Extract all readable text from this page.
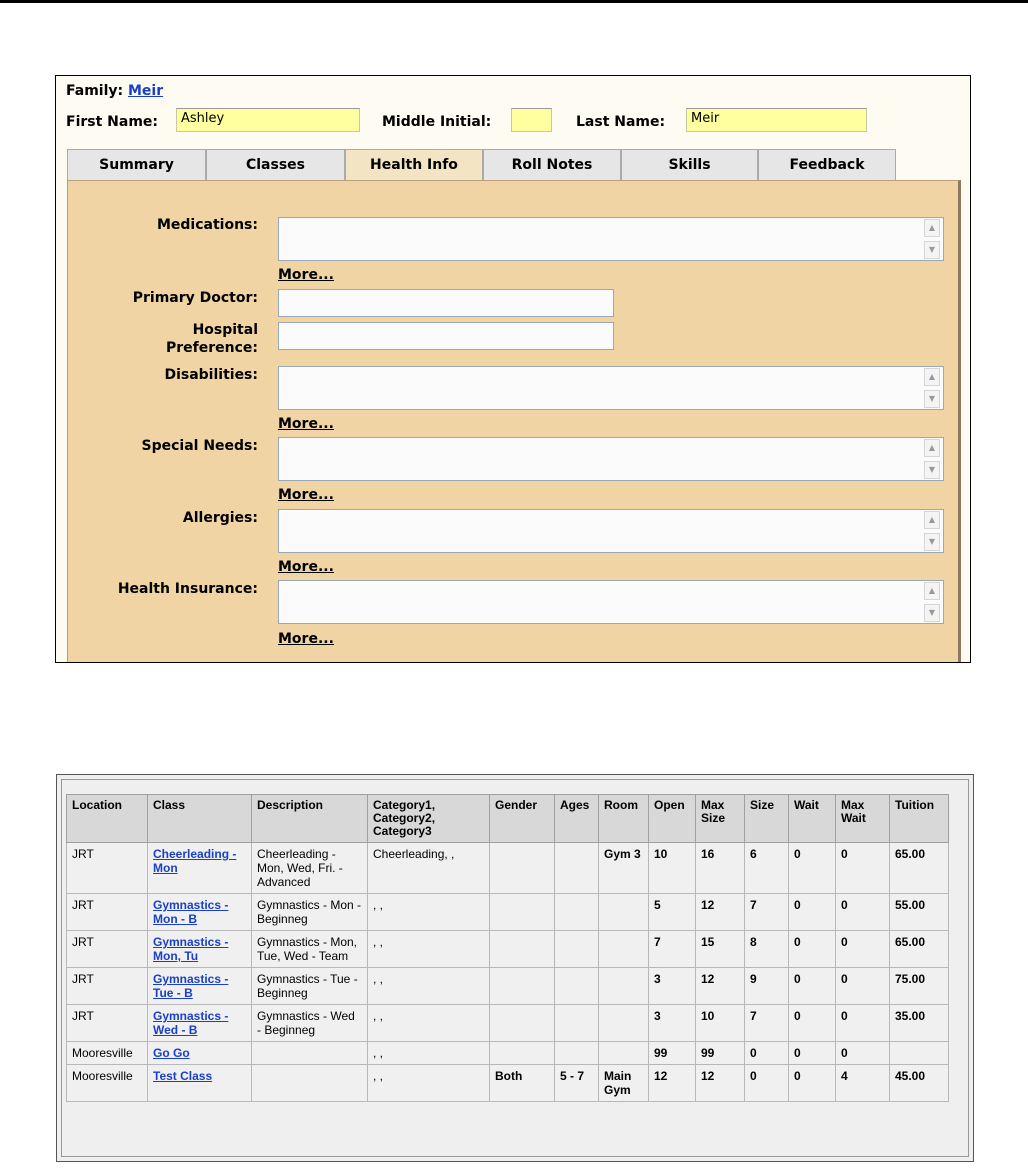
Family: Meir
First Name:	Ashley	Middle Initial:	Last Name:	Meir
Summary	Classes	Health Info	Roll Notes	Skills	Feedback
Medications:	▲
▼
More...
Primary Doctor:
Hospital
Preference:
Disabilities:	▲
▼
More...
Special Needs:	▲
▼
More...
Allergies:	▲
▼
More...
Health Insurance:	▲
▼
More...
Location	Class	Description	Category1, Category2, Category3	Gender	Ages	Room	Open	Max Size	Size	Wait	Max Wait	Tuition
JRT	Cheerleading - Mon	Cheerleading - Mon, Wed, Fri. - Advanced	Cheerleading, ,			Gym 3	10	16	6	0	0	65.00
JRT	Gymnastics - Mon - B	Gymnastics - Mon - Beginneg	, ,				5	12	7	0	0	55.00
JRT	Gymnastics - Mon, Tu	Gymnastics - Mon, Tue, Wed - Team	, ,				7	15	8	0	0	65.00
JRT	Gymnastics - Tue - B	Gymnastics - Tue - Beginneg	, ,				3	12	9	0	0	75.00
JRT	Gymnastics - Wed - B	Gymnastics - Wed - Beginneg	, ,				3	10	7	0	0	35.00
Mooresville	Go Go		, ,				99	99	0	0	0	
Mooresville	Test Class		, ,	Both	5 - 7	Main Gym	12	12	0	0	4	45.00
